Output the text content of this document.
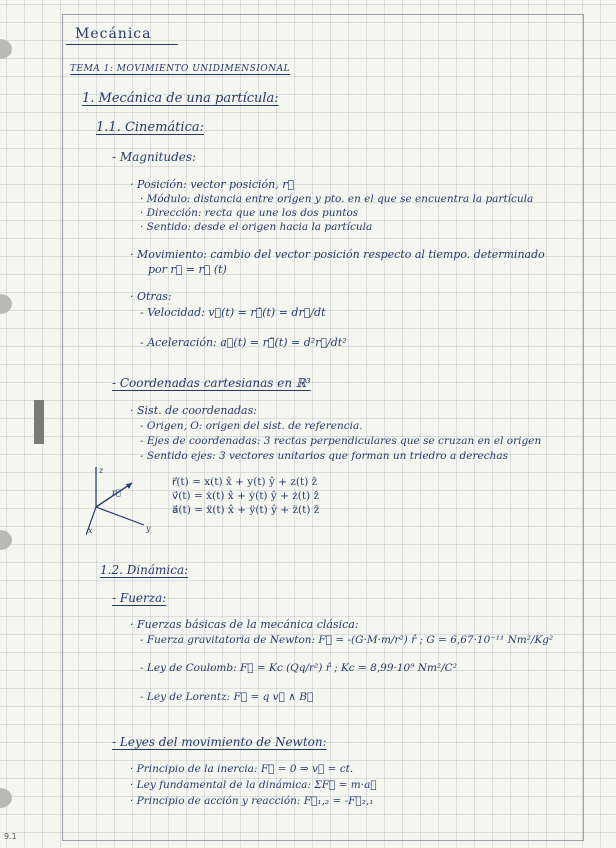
Mecánica
TEMA 1: MOVIMIENTO UNIDIMENSIONAL
1. Mecánica de una partícula:
1.1. Cinemática:
- Magnitudes:
· Posición: vector posición, r⃗
· Módulo: distancia entre origen y pto. en el que se encuentra la partícula
· Dirección: recta que une los dos puntos
· Sentido: desde el origen hacia la partícula
· Movimiento: cambio del vector posición respecto al tiempo. determinado
por r⃗ = r⃗ (t)
· Otras:
- Velocidad: v⃗(t) = r⃗̇(t) = dr⃗/dt
- Aceleración: a⃗(t) = r⃗̈(t) = d²r⃗/dt²
- Coordenadas cartesianas en ℝ³
· Sist. de coordenadas:
- Origen, O: origen del sist. de referencia.
- Ejes de coordenadas: 3 rectas perpendiculares que se cruzan en el origen
- Sentido ejes: 3 vectores unitarios que forman un triedro a derechas
z
y
x
r⃗
r⃗(t) = x(t) x̂ + y(t) ŷ + z(t) ẑ
v⃗(t) = ẋ(t) x̂ + ẏ(t) ŷ + ż(t) ẑ
a⃗(t) = ẍ(t) x̂ + ÿ(t) ŷ + z̈(t) ẑ
1.2. Dinámica:
- Fuerza:
· Fuerzas básicas de la mecánica clásica:
- Fuerza gravitatoria de Newton: F⃗ = -(G·M·m/r²) r̂ ; G = 6,67·10⁻¹¹ Nm²/Kg²
- Ley de Coulomb: F⃗ = Kc (Qq/r²) r̂ ; Kc = 8,99·10⁹ Nm²/C²
- Ley de Lorentz: F⃗ = q v⃗ ∧ B⃗
- Leyes del movimiento de Newton:
· Principio de la inercia: F⃗ = 0 ⇒ v⃗ = ct.
· Ley fundamental de la dinámica: ΣF⃗ = m·a⃗
· Principio de acción y reacción: F⃗₁,₂ = -F⃗₂,₁
9.1
